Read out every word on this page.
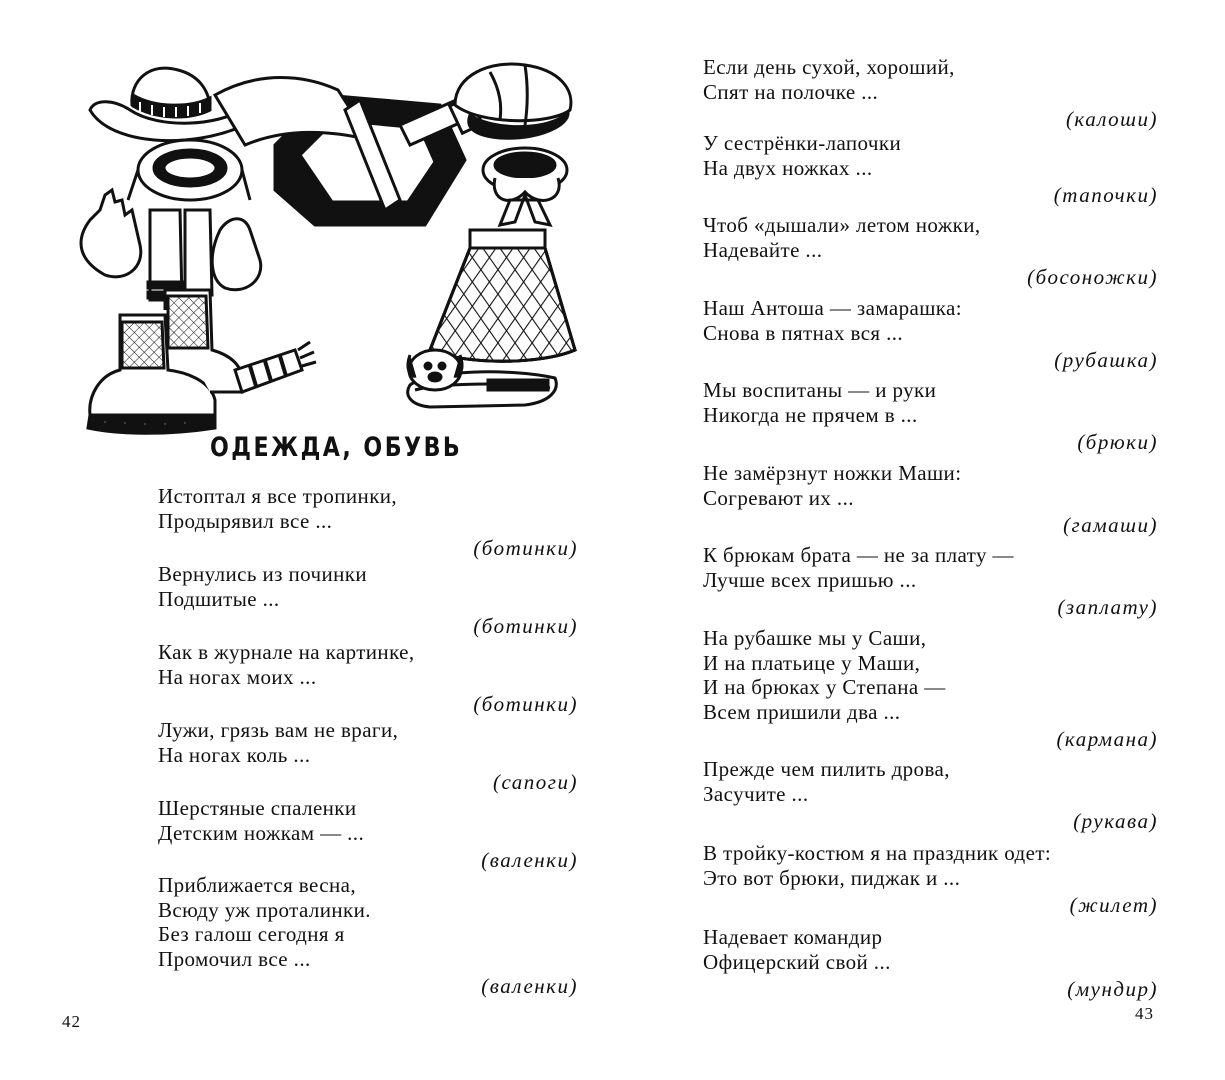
ОДЕЖДА, ОБУВЬ
Истоптал я все тропинки,
Продырявил все ...
(ботинки)
Вернулись из починки
Подшитые ...
(ботинки)
Как в журнале на картинке,
На ногах моих ...
(ботинки)
Лужи, грязь вам не враги,
На ногах коль ...
(сапоги)
Шерстяные спаленки
Детским ножкам — ...
(валенки)
Приближается весна,
Всюду уж проталинки.
Без галош сегодня я
Промочил все ...
(валенки)
42
Если день сухой, хороший,
Спят на полочке ...
(калоши)
У сестрёнки-лапочки
На двух ножках ...
(тапочки)
Чтоб «дышали» летом ножки,
Надевайте ...
(босоножки)
Наш Антоша — замарашка:
Снова в пятнах вся ...
(рубашка)
Мы воспитаны — и руки
Никогда не прячем в ...
(брюки)
Не замёрзнут ножки Маши:
Согревают их ...
(гамаши)
К брюкам брата — не за плату —
Лучше всех пришью ...
(заплату)
На рубашке мы у Саши,
И на платьице у Маши,
И на брюках у Степана —
Всем пришили два ...
(кармана)
Прежде чем пилить дрова,
Засучите ...
(рукава)
В тройку-костюм я на праздник одет:
Это вот брюки, пиджак и ...
(жилет)
Надевает командир
Офицерский свой ...
(мундир)
43
